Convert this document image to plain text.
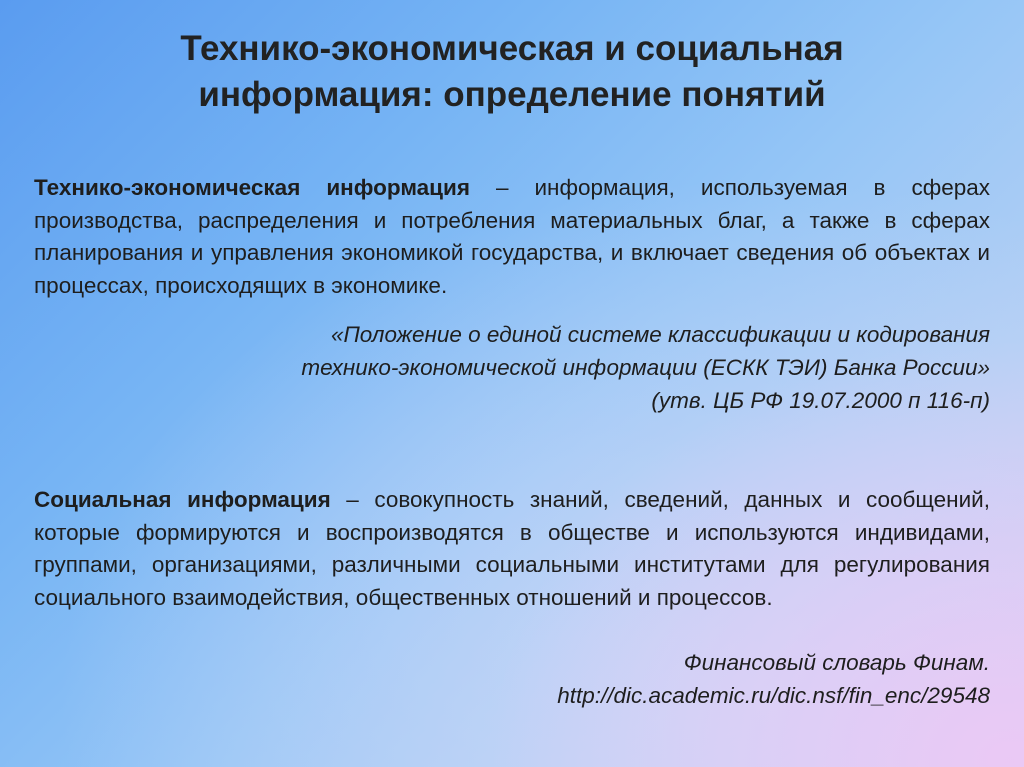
Технико-экономическая и социальная
информация: определение понятий

Технико-экономическая информация – информация, используемая в сферах производства, распределения и потребления материальных благ, а также в сферах планирования и управления экономикой государства, и включает сведения об объектах и процессах, происходящих в экономике.

«Положение о единой системе классификации и кодирования
технико-экономической информации (ЕСКК ТЭИ) Банка России»
(утв. ЦБ РФ 19.07.2000 п 116-п)

Социальная информация – совокупность знаний, сведений, данных и сообщений, которые формируются и воспроизводятся в обществе и используются индивидами, группами, организациями, различными социальными институтами для регулирования социального взаимодействия, общественных отношений и процессов.

Финансовый словарь Финам.
http://dic.academic.ru/dic.nsf/fin_enc/29548
